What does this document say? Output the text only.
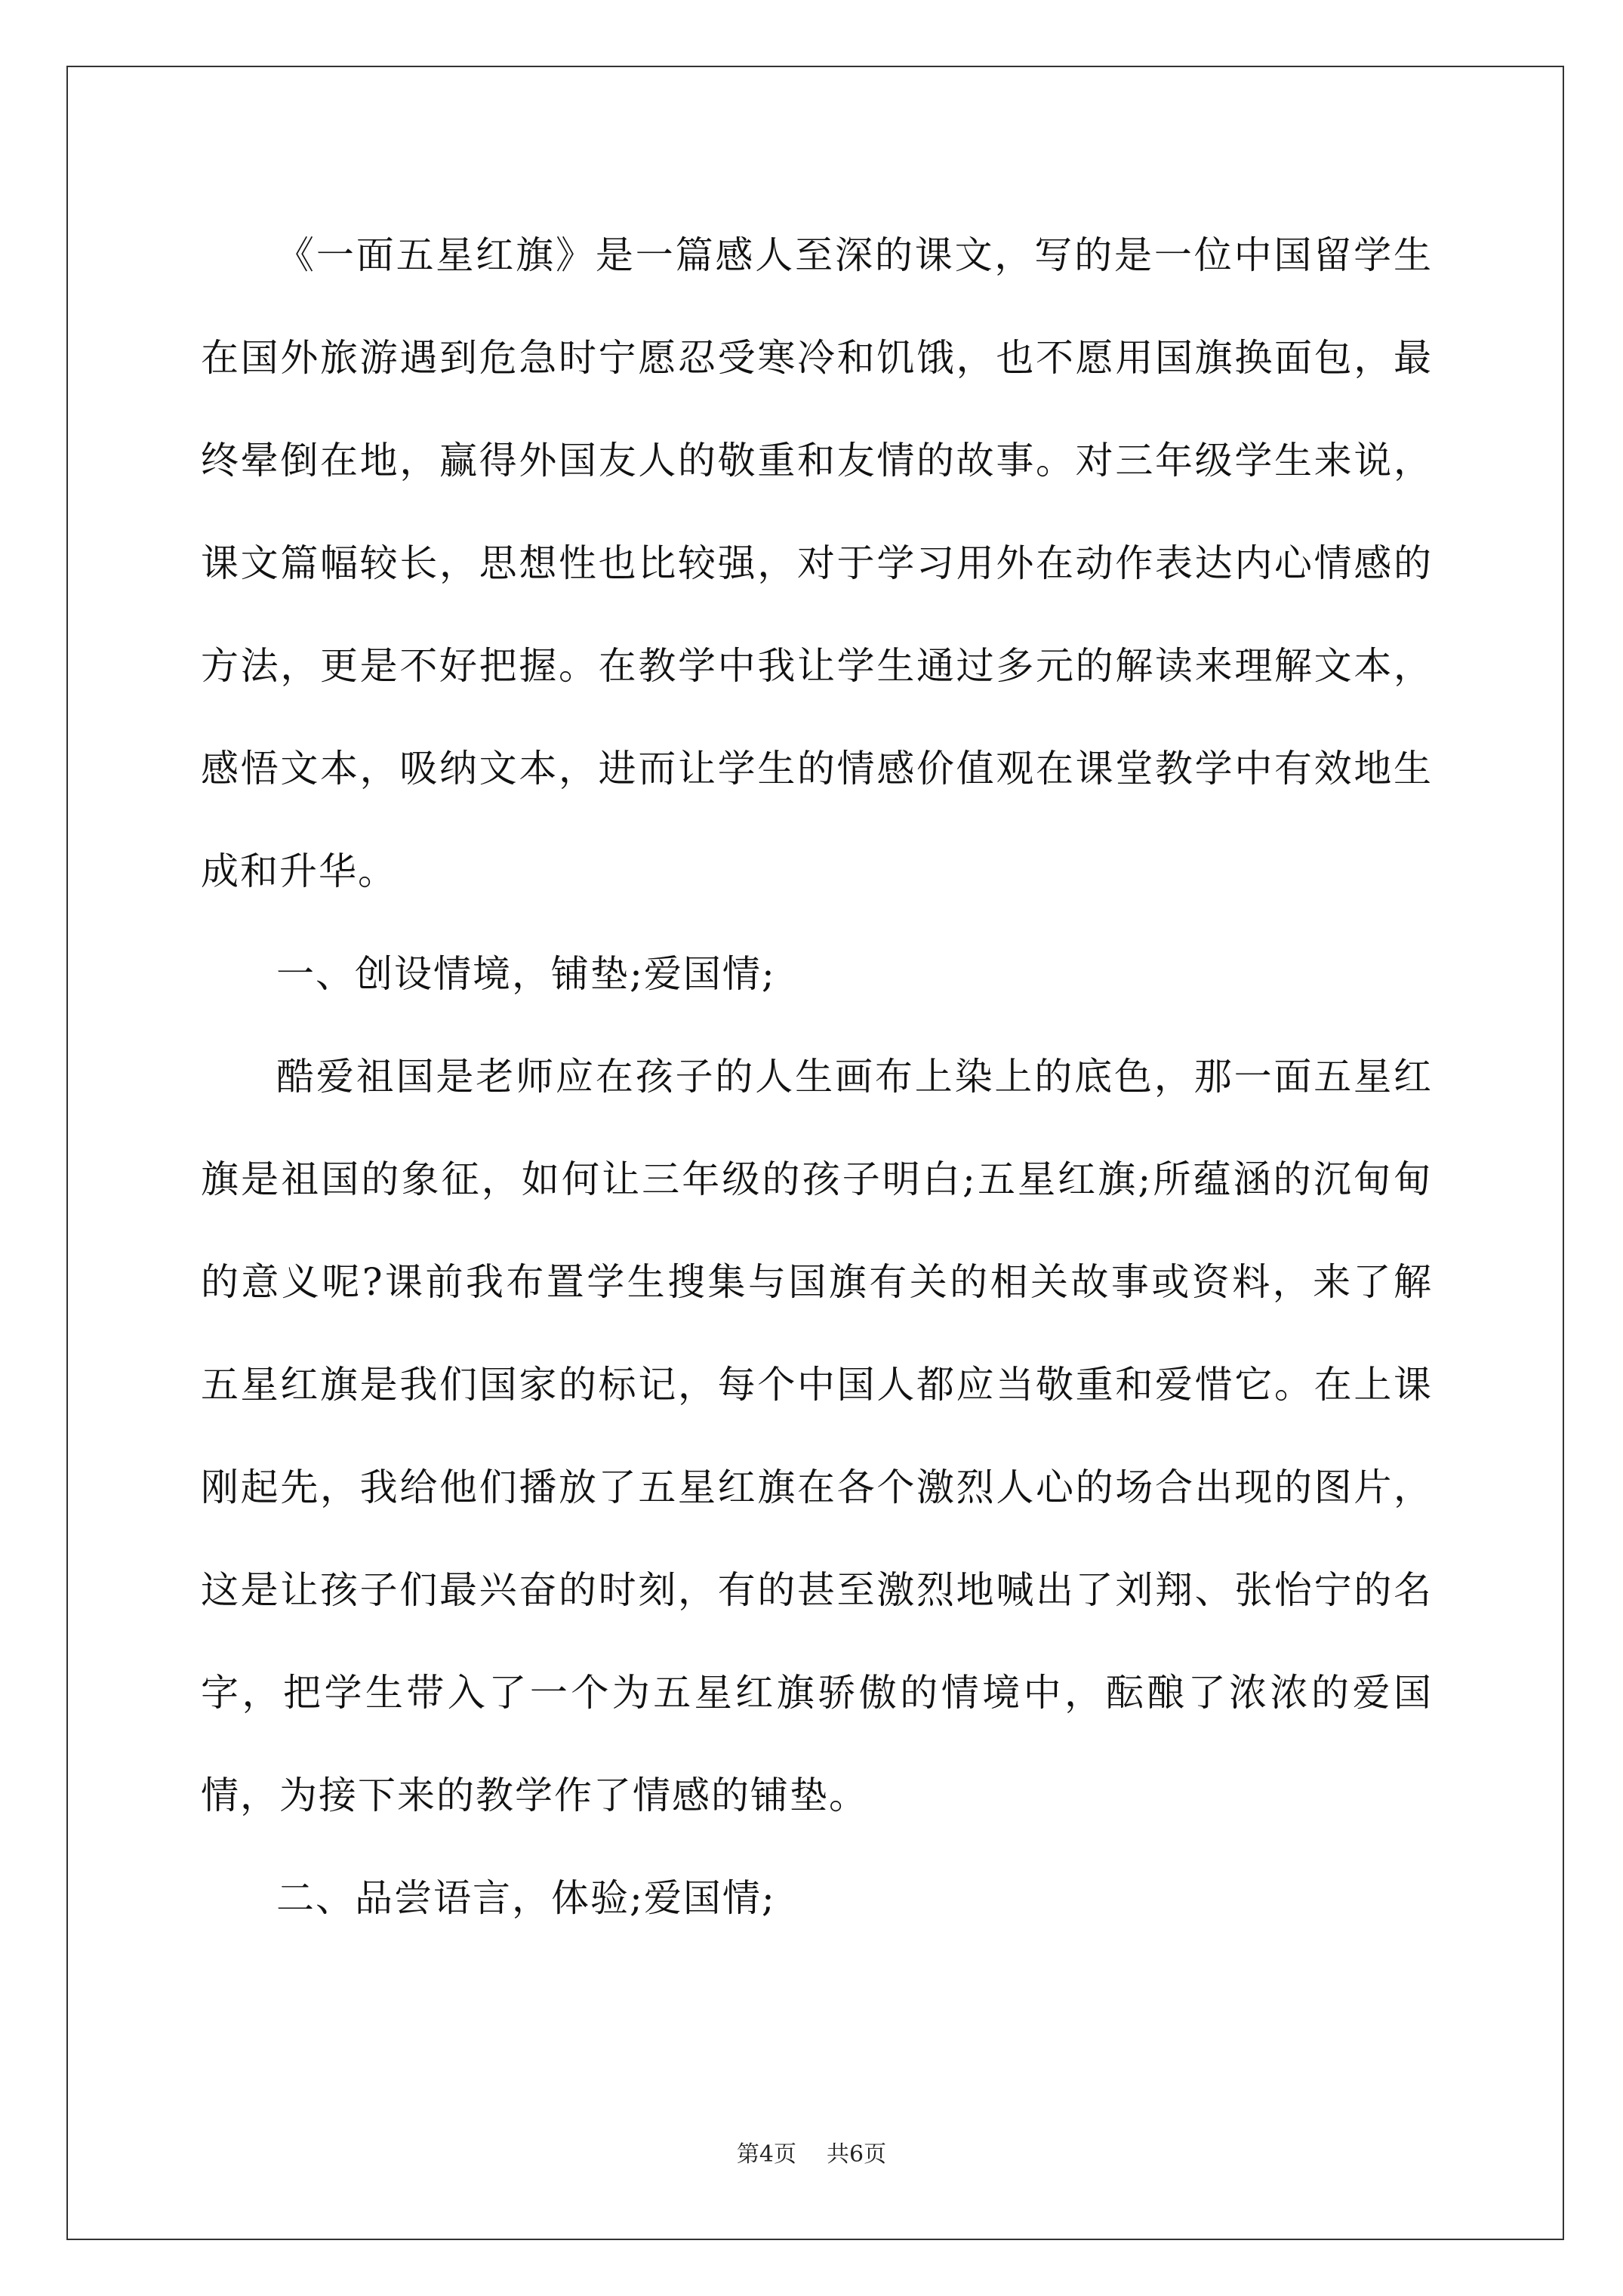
《一面五星红旗》是一篇感人至深的课文，写的是一位中国留学生在国外旅游遇到危急时宁愿忍受寒冷和饥饿，也不愿用国旗换面包，最终晕倒在地，赢得外国友人的敬重和友情的故事。对三年级学生来说，课文篇幅较长，思想性也比较强，对于学习用外在动作表达内心情感的方法，更是不好把握。在教学中我让学生通过多元的解读来理解文本，感悟文本，吸纳文本，进而让学生的情感价值观在课堂教学中有效地生成和升华。

一、创设情境，铺垫;爱国情;

酷爱祖国是老师应在孩子的人生画布上染上的底色，那一面五星红旗是祖国的象征，如何让三年级的孩子明白;五星红旗;所蕴涵的沉甸甸的意义呢?课前我布置学生搜集与国旗有关的相关故事或资料，来了解五星红旗是我们国家的标记，每个中国人都应当敬重和爱惜它。在上课刚起先，我给他们播放了五星红旗在各个激烈人心的场合出现的图片，这是让孩子们最兴奋的时刻，有的甚至激烈地喊出了刘翔、张怡宁的名字，把学生带入了一个为五星红旗骄傲的情境中，酝酿了浓浓的爱国情，为接下来的教学作了情感的铺垫。

二、品尝语言，体验;爱国情;

第4页 共6页
